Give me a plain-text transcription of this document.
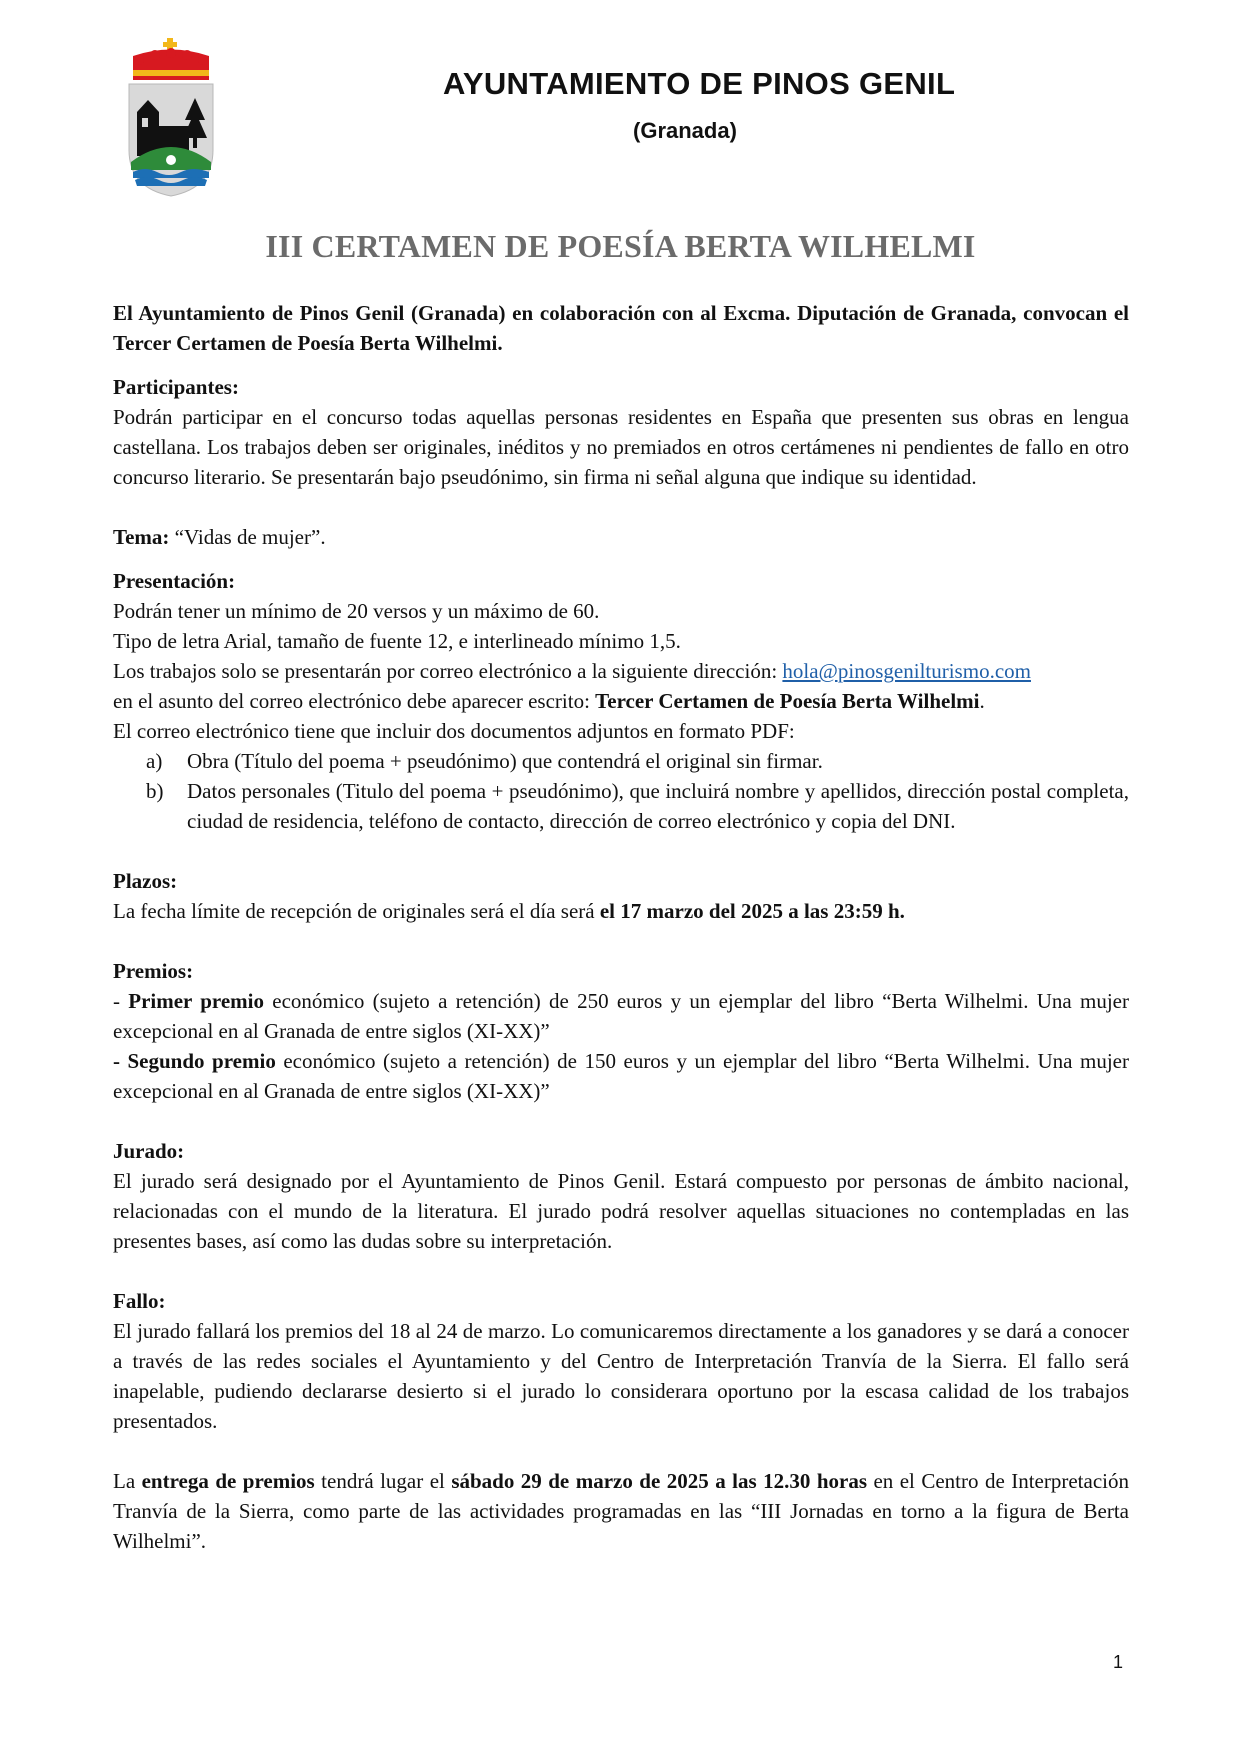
AYUNTAMIENTO DE PINOS GENIL
(Granada)
III CERTAMEN DE POESÍA BERTA WILHELMI

El Ayuntamiento de Pinos Genil (Granada) en colaboración con al Excma. Diputación de Granada, convocan el Tercer Certamen de Poesía Berta Wilhelmi.

Participantes:

Podrán participar en el concurso todas aquellas personas residentes en España que presenten sus obras en lengua castellana. Los trabajos deben ser originales, inéditos y no premiados en otros certámenes ni pendientes de fallo en otro concurso literario. Se presentarán bajo pseudónimo, sin firma ni señal alguna que indique su identidad.

Tema: “Vidas de mujer”.

Presentación:

Podrán tener un mínimo de 20 versos y un máximo de 60.

Tipo de letra Arial, tamaño de fuente 12, e interlineado mínimo 1,5.

Los trabajos solo se presentarán por correo electrónico a la siguiente dirección: hola@pinosgenilturismo.com

en el asunto del correo electrónico debe aparecer escrito: Tercer Certamen de Poesía Berta Wilhelmi.

El correo electrónico tiene que incluir dos documentos adjuntos en formato PDF:

a)	Obra (Título del poema + pseudónimo) que contendrá el original sin firmar.
b)	Datos personales (Titulo del poema + pseudónimo), que incluirá nombre y apellidos, dirección postal completa, ciudad de residencia, teléfono de contacto, dirección de correo electrónico y copia del DNI.

Plazos:

La fecha límite de recepción de originales será el día será el 17 marzo del 2025 a las 23:59 h.

Premios:

- Primer premio económico (sujeto a retención) de 250 euros y un ejemplar del libro “Berta Wilhelmi. Una mujer excepcional en al Granada de entre siglos (XI-XX)”

- Segundo premio económico (sujeto a retención) de 150 euros y un ejemplar del libro “Berta Wilhelmi. Una mujer excepcional en al Granada de entre siglos (XI-XX)”

Jurado:

El jurado será designado por el Ayuntamiento de Pinos Genil. Estará compuesto por personas de ámbito nacional, relacionadas con el mundo de la literatura. El jurado podrá resolver aquellas situaciones no contempladas en las presentes bases, así como las dudas sobre su interpretación.

Fallo:

El jurado fallará los premios del 18 al 24 de marzo. Lo comunicaremos directamente a los ganadores y se dará a conocer a través de las redes sociales el Ayuntamiento y del Centro de Interpretación Tranvía de la Sierra. El fallo será inapelable, pudiendo declararse desierto si el jurado lo considerara oportuno por la escasa calidad de los trabajos presentados.

La entrega de premios tendrá lugar el sábado 29 de marzo de 2025 a las 12.30 horas en el Centro de Interpretación Tranvía de la Sierra, como parte de las actividades programadas en las “III Jornadas en torno a la figura de Berta Wilhelmi”.

1
